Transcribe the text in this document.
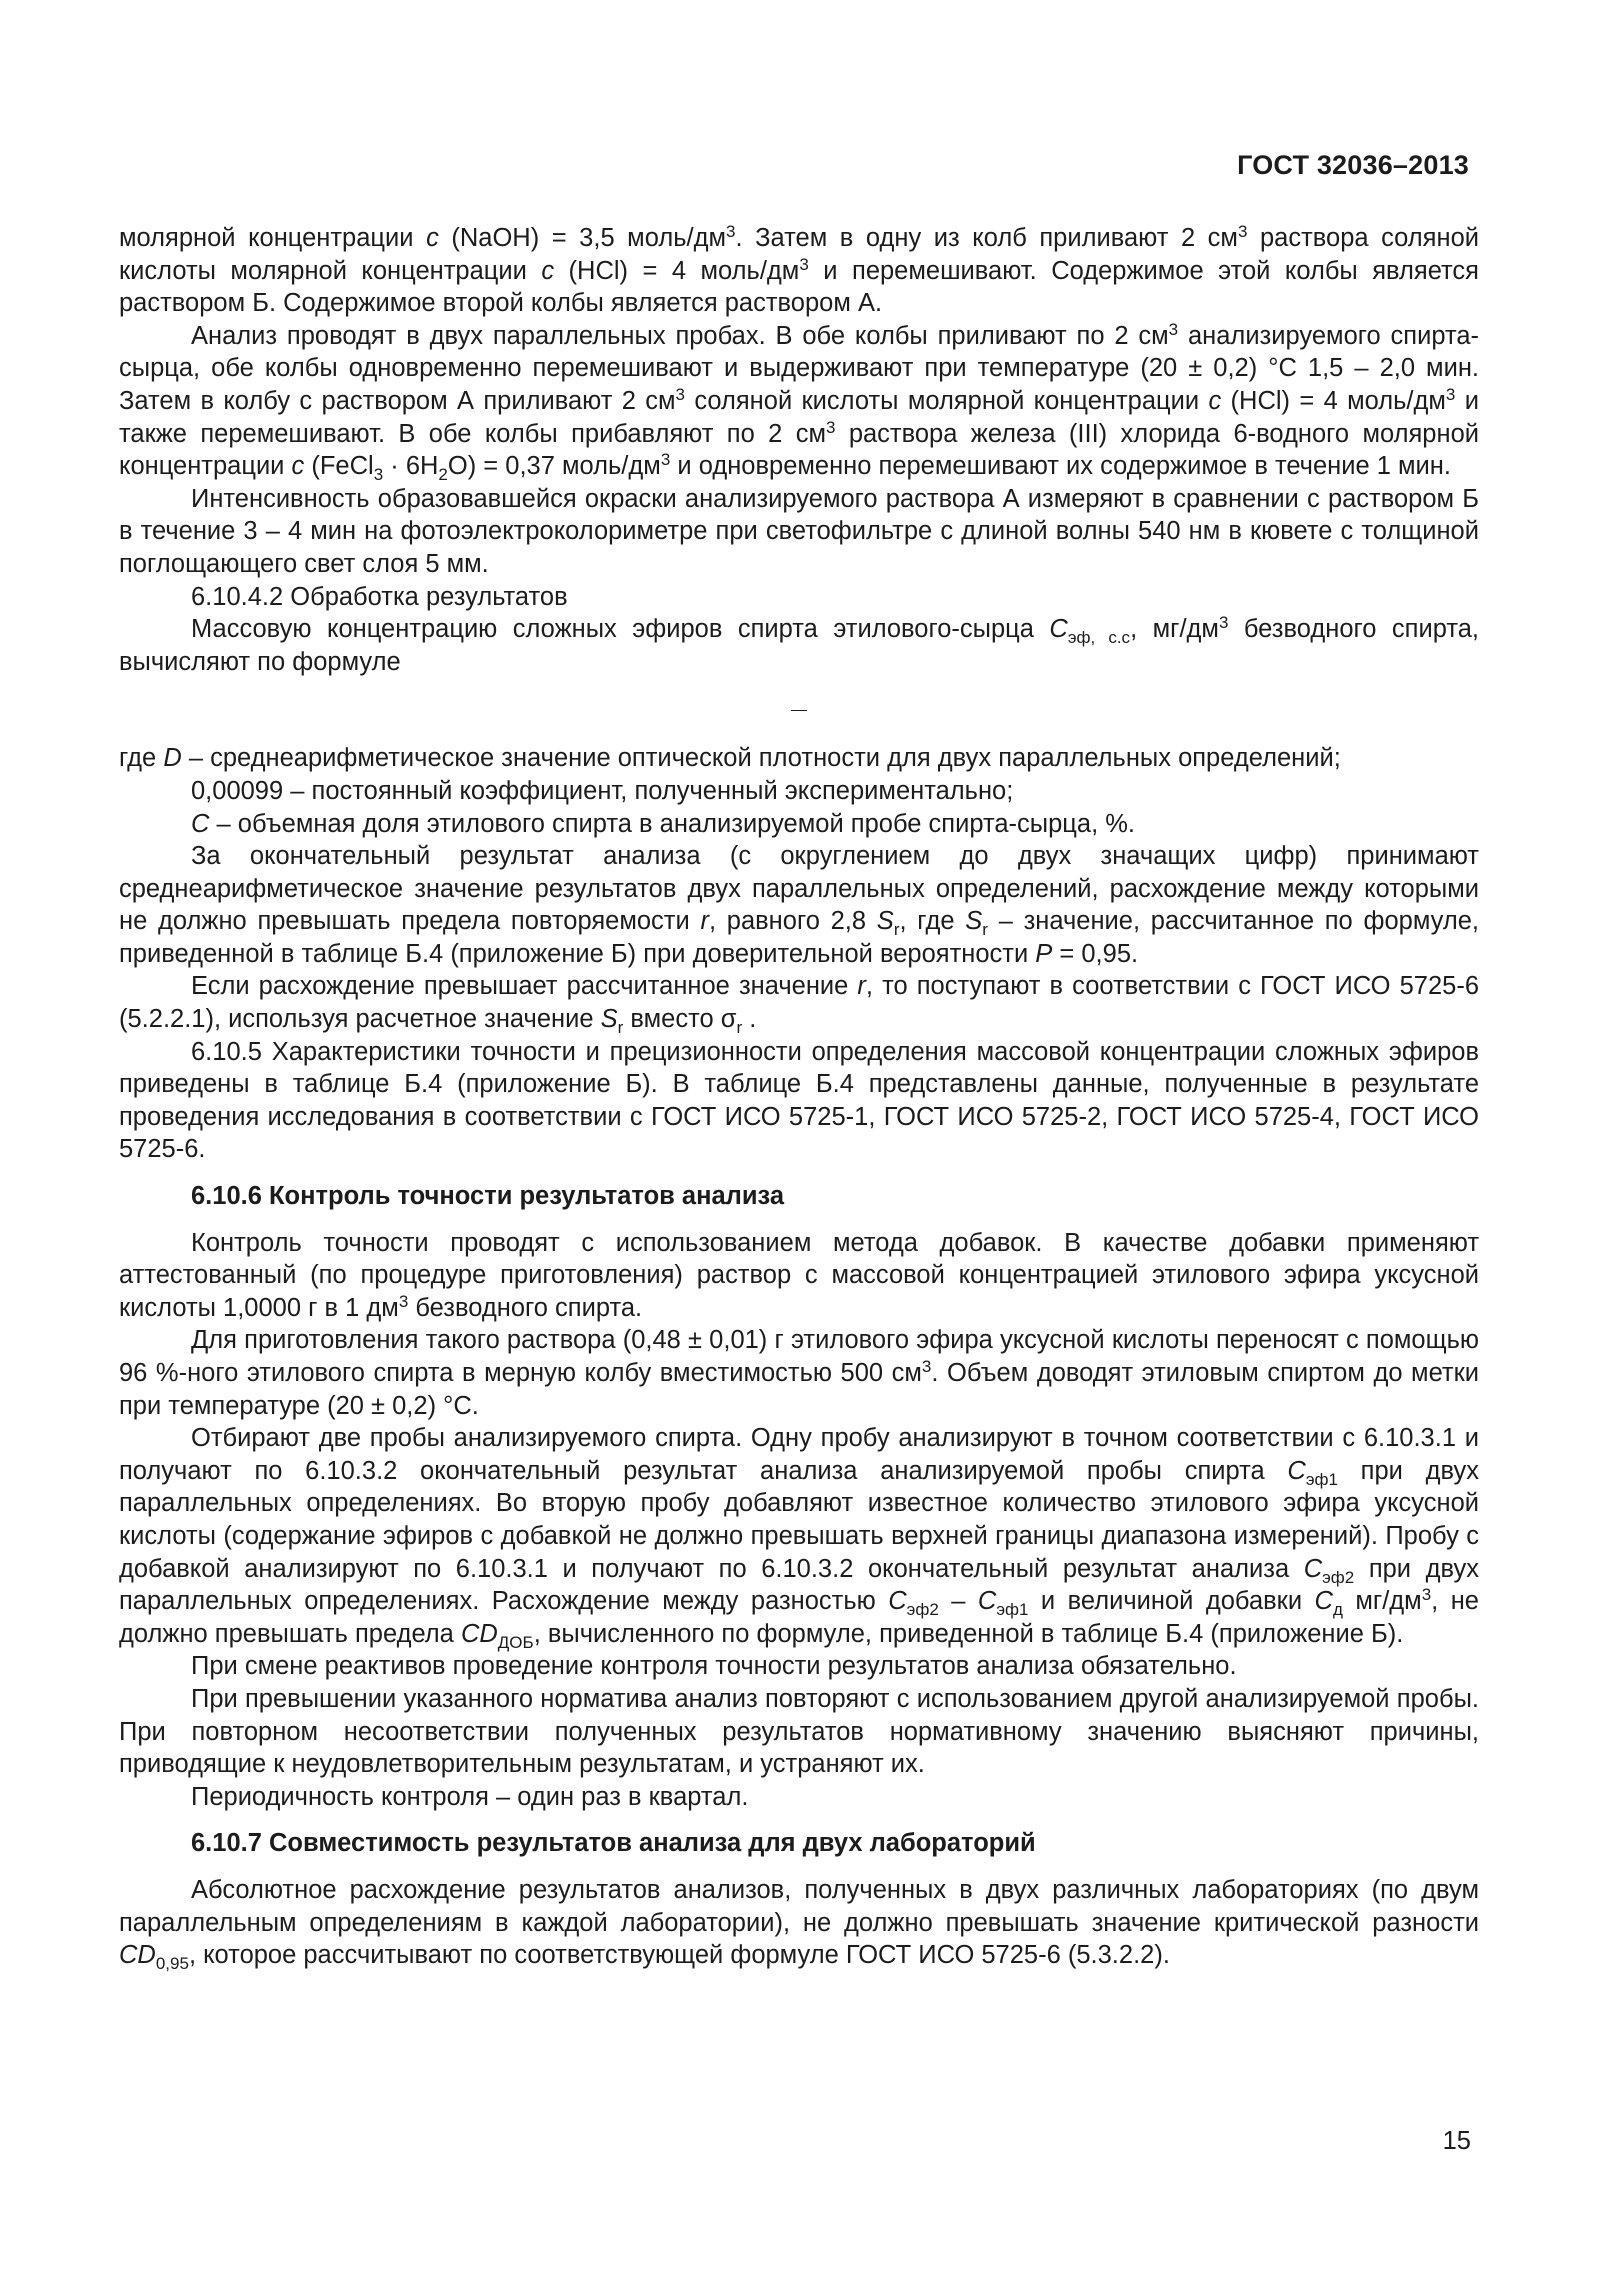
ГОСТ 32036–2013

молярной концентрации c (NaOH) = 3,5 моль/$дм^3$. Затем в одну из колб приливают 2 $см^3$ раствора соляной кислоты молярной концентрации c (HCl) = 4 моль/$дм^3$ и перемешивают. Содержимое этой колбы является раствором Б. Содержимое второй колбы является раствором А.

Анализ проводят в двух параллельных пробах. В обе колбы приливают по 2 $см^3$ анализируемого спирта-сырца, обе колбы одновременно перемешивают и выдерживают при температуре (20 ± 0,2) °С 1,5 – 2,0 мин. Затем в колбу с раствором А приливают 2 $см^3$ соляной кислоты молярной концентрации c (HCl) = 4 моль/$дм^3$ и также перемешивают. В обе колбы прибавляют по 2 $см^3$ раствора железа (III) хлорида 6-водного молярной концентрации c (FeCl$_3$ · $6H_2O) = 0,37$ моль/$дм^3$ и одновременно перемешивают их содержимое в течение 1 мин.

Интенсивность образовавшейся окраски анализируемого раствора А измеряют в сравнении с раствором Б в течение 3 – 4 мин на фотоэлектроколориметре при светофильтре с длиной волны 540 нм в кювете с толщиной поглощающего свет слоя 5 мм.

6.10.4.2 Обработка результатов

Массовую концентрацию сложных эфиров спирта этилового-сырца $C_{эф, с.с}$, $мг/дм^3$ безводного спирта, вычисляют по формуле

где D – среднеарифметическое значение оптической плотности для двух параллельных определений;

0,00099 – постоянный коэффициент, полученный экспериментально;

C – объемная доля этилового спирта в анализируемой пробе спирта-сырца, %.

За окончательный результат анализа (с округлением до двух значащих цифр) принимают среднеарифметическое значение результатов двух параллельных определений, расхождение между которыми не должно превышать предела повторяемости r, равного 2,8 $S_r$, где $S_r$ – значение, рассчитанное по формуле, приведенной в таблице Б.4 (приложение Б) при доверительной вероятности P = 0,95.

Если расхождение превышает рассчитанное значение r, то поступают в соответствии с ГОСТ ИСО 5725-6 (5.2.2.1), используя расчетное значение $S_r$ вместо $\sigma_r$ .

6.10.5 Характеристики точности и прецизионности определения массовой концентрации сложных эфиров приведены в таблице Б.4 (приложение Б). В таблице Б.4 представлены данные, полученные в результате проведения исследования в соответствии с ГОСТ ИСО 5725-1, ГОСТ ИСО 5725-2, ГОСТ ИСО 5725-4, ГОСТ ИСО 5725-6.

6.10.6 Контроль точности результатов анализа

Контроль точности проводят с использованием метода добавок. В качестве добавки применяют аттестованный (по процедуре приготовления) раствор с массовой концентрацией этилового эфира уксусной кислоты 1,0000 г в 1 $дм^3$ безводного спирта.

Для приготовления такого раствора (0,48 ± 0,01) г этилового эфира уксусной кислоты переносят с помощью 96 %-ного этилового спирта в мерную колбу вместимостью 500 $см^3$. Объем доводят этиловым спиртом до метки при температуре (20 ± 0,2) °С.

Отбирают две пробы анализируемого спирта. Одну пробу анализируют в точном соответствии с 6.10.3.1 и получают по 6.10.3.2 окончательный результат анализа анализируемой пробы спирта $C_{эф1}$ при двух параллельных определениях. Во вторую пробу добавляют известное количество этилового эфира уксусной кислоты (содержание эфиров с добавкой не должно превышать верхней границы диапазона измерений). Пробу с добавкой анализируют по 6.10.3.1 и получают по 6.10.3.2 окончательный результат анализа $C_{эф2}$ при двух параллельных определениях. Расхождение между разностью $C_{эф2} - C_{эф1}$ и величиной добавки $C_д$ $мг/дм^3$, не должно превышать предела $CD_{ДОБ}$, вычисленного по формуле, приведенной в таблице Б.4 (приложение Б).

При смене реактивов проведение контроля точности результатов анализа обязательно.

При превышении указанного норматива анализ повторяют с использованием другой анализируемой пробы. При повторном несоответствии полученных результатов нормативному значению выясняют причины, приводящие к неудовлетворительным результатам, и устраняют их.

Периодичность контроля – один раз в квартал.

6.10.7 Совместимость результатов анализа для двух лабораторий

Абсолютное расхождение результатов анализов, полученных в двух различных лабораториях (по двум параллельным определениям в каждой лаборатории), не должно превышать значение критической разности $CD_{0,95}$, которое рассчитывают по соответствующей формуле ГОСТ ИСО 5725-6 (5.3.2.2).

15
